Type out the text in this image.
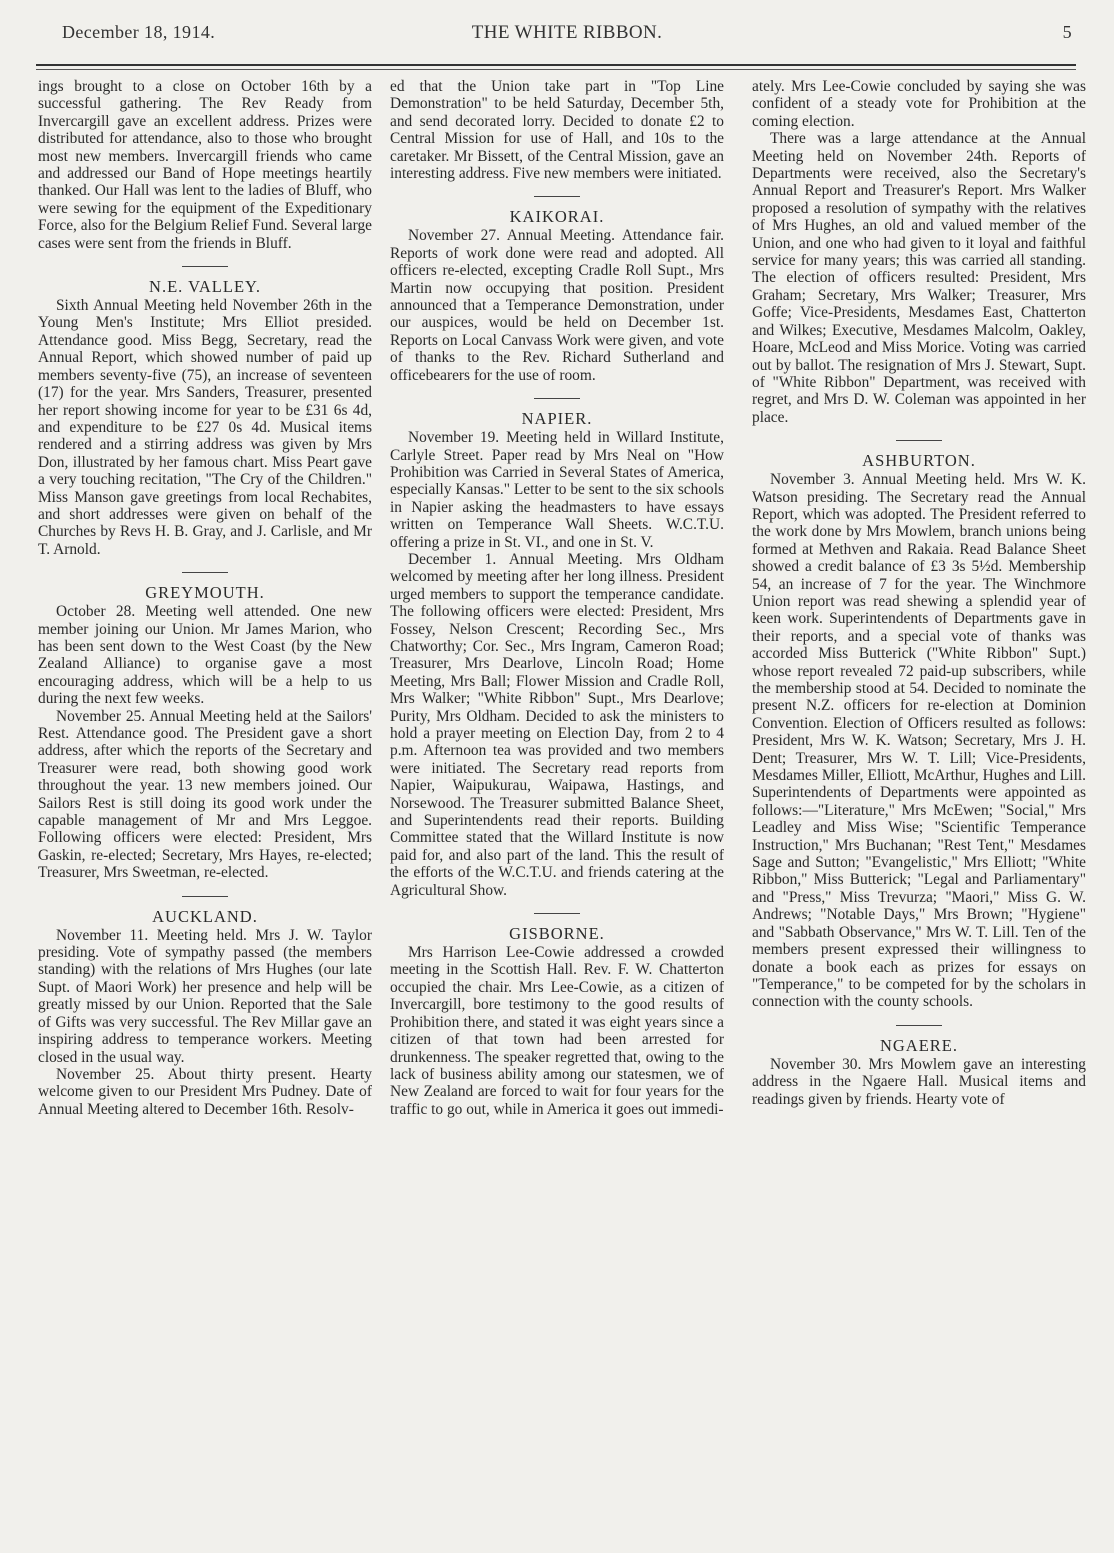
December 18, 1914.	THE WHITE RIBBON.	5

ings brought to a close on October 16th by a successful gathering. The Rev Ready from Invercargill gave an excellent address. Prizes were distributed for attendance, also to those who brought most new members. Invercargill friends who came and addressed our Band of Hope meetings heartily thanked. Our Hall was lent to the ladies of Bluff, who were sewing for the equipment of the Expeditionary Force, also for the Belgium Relief Fund. Several large cases were sent from the friends in Bluff.

N.E. VALLEY.

Sixth Annual Meeting held November 26th in the Young Men's Institute; Mrs Elliot presided. Attendance good. Miss Begg, Secretary, read the Annual Report, which showed number of paid up members seventy-five (75), an increase of seventeen (17) for the year. Mrs Sanders, Treasurer, presented her report showing income for year to be £31 6s 4d, and expenditure to be £27 0s 4d. Musical items rendered and a stirring address was given by Mrs Don, illustrated by her famous chart. Miss Peart gave a very touching recitation, "The Cry of the Children." Miss Manson gave greetings from local Rechabites, and short addresses were given on behalf of the Churches by Revs H. B. Gray, and J. Carlisle, and Mr T. Arnold.

GREYMOUTH.

October 28. Meeting well attended. One new member joining our Union. Mr James Marion, who has been sent down to the West Coast (by the New Zealand Alliance) to organise gave a most encouraging address, which will be a help to us during the next few weeks.

November 25. Annual Meeting held at the Sailors' Rest. Attendance good. The President gave a short address, after which the reports of the Secretary and Treasurer were read, both showing good work throughout the year. 13 new members joined. Our Sailors Rest is still doing its good work under the capable management of Mr and Mrs Leggoe. Following officers were elected: President, Mrs Gaskin, re-elected; Secretary, Mrs Hayes, re-elected; Treasurer, Mrs Sweetman, re-elected.

AUCKLAND.

November 11. Meeting held. Mrs J. W. Taylor presiding. Vote of sympathy passed (the members standing) with the relations of Mrs Hughes (our late Supt. of Maori Work) her presence and help will be greatly missed by our Union. Reported that the Sale of Gifts was very successful. The Rev Millar gave an inspiring address to temperance workers. Meeting closed in the usual way.

November 25. About thirty present. Hearty welcome given to our President Mrs Pudney. Date of Annual Meeting altered to December 16th. Resolv-

ed that the Union take part in "Top Line Demonstration" to be held Saturday, December 5th, and send decorated lorry. Decided to donate £2 to Central Mission for use of Hall, and 10s to the caretaker. Mr Bissett, of the Central Mission, gave an interesting address. Five new members were initiated.

KAIKORAI.

November 27. Annual Meeting. Attendance fair. Reports of work done were read and adopted. All officers re-elected, excepting Cradle Roll Supt., Mrs Martin now occupying that position. President announced that a Temperance Demonstration, under our auspices, would be held on December 1st. Reports on Local Canvass Work were given, and vote of thanks to the Rev. Richard Sutherland and officebearers for the use of room.

NAPIER.

November 19. Meeting held in Willard Institute, Carlyle Street. Paper read by Mrs Neal on "How Prohibition was Carried in Several States of America, especially Kansas." Letter to be sent to the six schools in Napier asking the headmasters to have essays written on Temperance Wall Sheets. W.C.T.U. offering a prize in St. VI., and one in St. V.

December 1. Annual Meeting. Mrs Oldham welcomed by meeting after her long illness. President urged members to support the temperance candidate. The following officers were elected: President, Mrs Fossey, Nelson Crescent; Recording Sec., Mrs Chatworthy; Cor. Sec., Mrs Ingram, Cameron Road; Treasurer, Mrs Dearlove, Lincoln Road; Home Meeting, Mrs Ball; Flower Mission and Cradle Roll, Mrs Walker; "White Ribbon" Supt., Mrs Dearlove; Purity, Mrs Oldham. Decided to ask the ministers to hold a prayer meeting on Election Day, from 2 to 4 p.m. Afternoon tea was provided and two members were initiated. The Secretary read reports from Napier, Waipukurau, Waipawa, Hastings, and Norsewood. The Treasurer submitted Balance Sheet, and Superintendents read their reports. Building Committee stated that the Willard Institute is now paid for, and also part of the land. This the result of the efforts of the W.C.T.U. and friends catering at the Agricultural Show.

GISBORNE.

Mrs Harrison Lee-Cowie addressed a crowded meeting in the Scottish Hall. Rev. F. W. Chatterton occupied the chair. Mrs Lee-Cowie, as a citizen of Invercargill, bore testimony to the good results of Prohibition there, and stated it was eight years since a citizen of that town had been arrested for drunkenness. The speaker regretted that, owing to the lack of business ability among our statesmen, we of New Zealand are forced to wait for four years for the traffic to go out, while in America it goes out immedi-

ately. Mrs Lee-Cowie concluded by saying she was confident of a steady vote for Prohibition at the coming election.

There was a large attendance at the Annual Meeting held on November 24th. Reports of Departments were received, also the Secretary's Annual Report and Treasurer's Report. Mrs Walker proposed a resolution of sympathy with the relatives of Mrs Hughes, an old and valued member of the Union, and one who had given to it loyal and faithful service for many years; this was carried all standing. The election of officers resulted: President, Mrs Graham; Secretary, Mrs Walker; Treasurer, Mrs Goffe; Vice-Presidents, Mesdames East, Chatterton and Wilkes; Executive, Mesdames Malcolm, Oakley, Hoare, McLeod and Miss Morice. Voting was carried out by ballot. The resignation of Mrs J. Stewart, Supt. of "White Ribbon" Department, was received with regret, and Mrs D. W. Coleman was appointed in her place.

ASHBURTON.

November 3. Annual Meeting held. Mrs W. K. Watson presiding. The Secretary read the Annual Report, which was adopted. The President referred to the work done by Mrs Mowlem, branch unions being formed at Methven and Rakaia. Read Balance Sheet showed a credit balance of £3 3s 5½d. Membership 54, an increase of 7 for the year. The Winchmore Union report was read shewing a splendid year of keen work. Superintendents of Departments gave in their reports, and a special vote of thanks was accorded Miss Butterick ("White Ribbon" Supt.) whose report revealed 72 paid-up subscribers, while the membership stood at 54. Decided to nominate the present N.Z. officers for re-election at Dominion Convention. Election of Officers resulted as follows: President, Mrs W. K. Watson; Secretary, Mrs J. H. Dent; Treasurer, Mrs W. T. Lill; Vice-Presidents, Mesdames Miller, Elliott, McArthur, Hughes and Lill. Superintendents of Departments were appointed as follows:—"Literature," Mrs McEwen; "Social," Mrs Leadley and Miss Wise; "Scientific Temperance Instruction," Mrs Buchanan; "Rest Tent," Mesdames Sage and Sutton; "Evangelistic," Mrs Elliott; "White Ribbon," Miss Butterick; "Legal and Parliamentary" and "Press," Miss Trevurza; "Maori," Miss G. W. Andrews; "Notable Days," Mrs Brown; "Hygiene" and "Sabbath Observance," Mrs W. T. Lill. Ten of the members present expressed their willingness to donate a book each as prizes for essays on "Temperance," to be competed for by the scholars in connection with the county schools.

NGAERE.

November 30. Mrs Mowlem gave an interesting address in the Ngaere Hall. Musical items and readings given by friends. Hearty vote of
